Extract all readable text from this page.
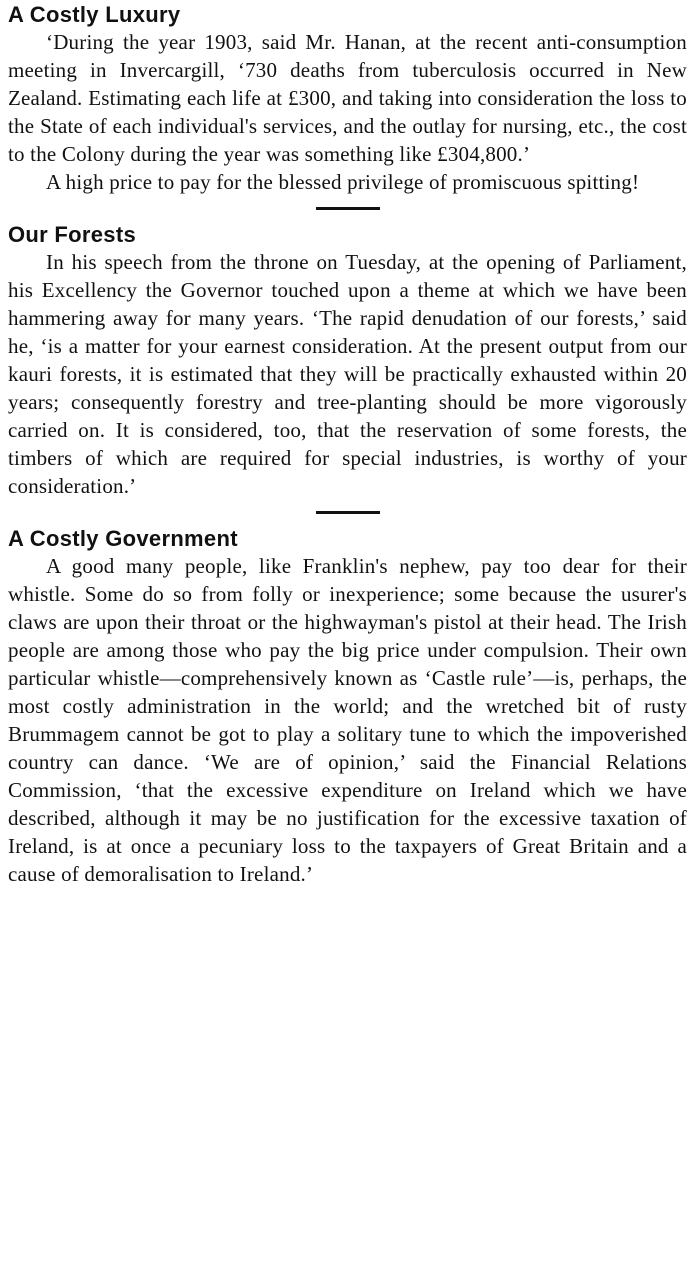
A Costly Luxury

‘During the year 1903, said Mr. Hanan, at the recent anti-consumption meeting in Invercargill, ‘730 deaths from tuberculosis occurred in New Zealand. Estimating each life at £300, and taking into consideration the loss to the State of each individual's services, and the outlay for nursing, etc., the cost to the Colony during the year was something like £304,800.’

A high price to pay for the blessed privilege of promiscuous spitting!

Our Forests

In his speech from the throne on Tuesday, at the opening of Parliament, his Excellency the Governor touched upon a theme at which we have been hammering away for many years. ‘The rapid denudation of our forests,’ said he, ‘is a matter for your earnest consideration. At the present output from our kauri forests, it is estimated that they will be practically exhausted within 20 years; consequently forestry and tree-planting should be more vigorously carried on. It is considered, too, that the reservation of some forests, the timbers of which are required for special industries, is worthy of your consideration.’

A Costly Government

A good many people, like Franklin's nephew, pay too dear for their whistle. Some do so from folly or inexperience; some because the usurer's claws are upon their throat or the highwayman's pistol at their head. The Irish people are among those who pay the big price under compulsion. Their own particular whistle—comprehensively known as ‘Castle rule’—is, perhaps, the most costly administration in the world; and the wretched bit of rusty Brummagem cannot be got to play a solitary tune to which the impoverished country can dance. ‘We are of opinion,’ said the Financial Relations Commission, ‘that the excessive expenditure on Ireland which we have described, although it may be no justification for the excessive taxation of Ireland, is at once a pecuniary loss to the taxpayers of Great Britain and a cause of demoralisation to Ireland.’
